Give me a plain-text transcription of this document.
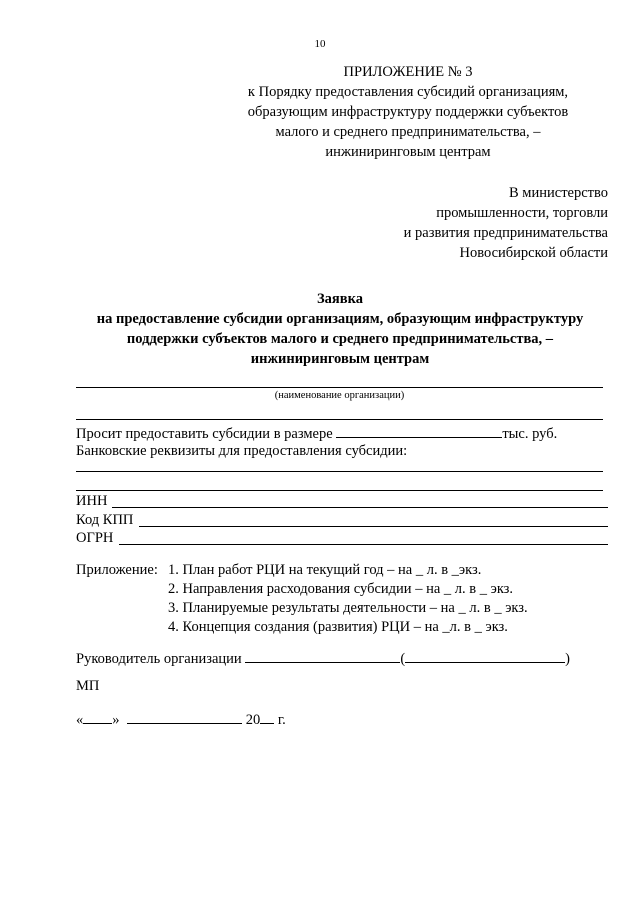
10
ПРИЛОЖЕНИЕ № 3
к Порядку предоставления субсидий организациям,
образующим инфраструктуру поддержки субъектов
малого и среднего предпринимательства, –
инжиниринговым центрам
В министерство
промышленности, торговли
и развития предпринимательства
Новосибирской области
Заявка
на предоставление субсидии организациям, образующим инфраструктуру
поддержки субъектов малого и среднего предпринимательства, –
инжиниринговым центрам
(наименование организации)
Просит предоставить субсидии в размере	тыс. руб.
Банковские реквизиты для предоставления субсидии:
ИНН
Код КПП
ОГРН
Приложение: 1. План работ РЦИ на текущий год – на _ л. в _экз.
2. Направления расходования субсидии – на _ л. в _ экз.
3. Планируемые результаты деятельности – на _ л. в _ экз.
4. Концепция создания (развития) РЦИ – на _л. в _ экз.
Руководитель организации	(	)
МП
« »	20 г.
